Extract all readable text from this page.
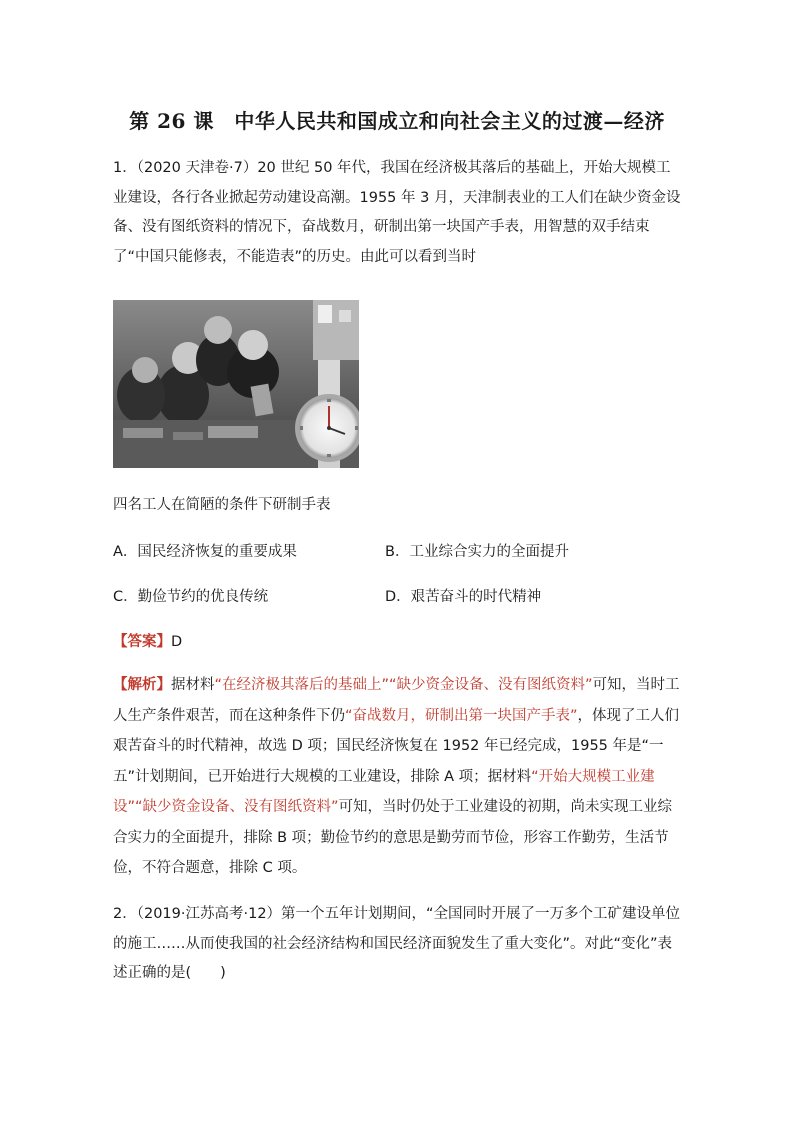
第 26 课　中华人民共和国成立和向社会主义的过渡—经济
1．（2020 天津卷·7）20 世纪 50 年代，我国在经济极其落后的基础上，开始大规模工业建设，各行各业掀起劳动建设高潮。1955 年 3 月，天津制表业的工人们在缺少资金设备、没有图纸资料的情况下，奋战数月，研制出第一块国产手表，用智慧的双手结束了“中国只能修表，不能造表”的历史。由此可以看到当时
四名工人在简陋的条件下研制手表
A．国民经济恢复的重要成果	B．工业综合实力的全面提升
C．勤俭节约的优良传统	D．艰苦奋斗的时代精神
【答案】D
【解析】据材料“在经济极其落后的基础上”“缺少资金设备、没有图纸资料”可知，当时工人生产条件艰苦，而在这种条件下仍“奋战数月，研制出第一块国产手表”，体现了工人们艰苦奋斗的时代精神，故选 D 项；国民经济恢复在 1952 年已经完成，1955 年是“一五”计划期间，已开始进行大规模的工业建设，排除 A 项；据材料“开始大规模工业建设”“缺少资金设备、没有图纸资料”可知，当时仍处于工业建设的初期，尚未实现工业综合实力的全面提升，排除 B 项；勤俭节约的意思是勤劳而节俭，形容工作勤劳，生活节俭，不符合题意，排除 C 项。
2．（2019·江苏高考·12）第一个五年计划期间，“全国同时开展了一万多个工矿建设单位的施工……从而使我国的社会经济结构和国民经济面貌发生了重大变化”。对此“变化”表述正确的是(　　)
